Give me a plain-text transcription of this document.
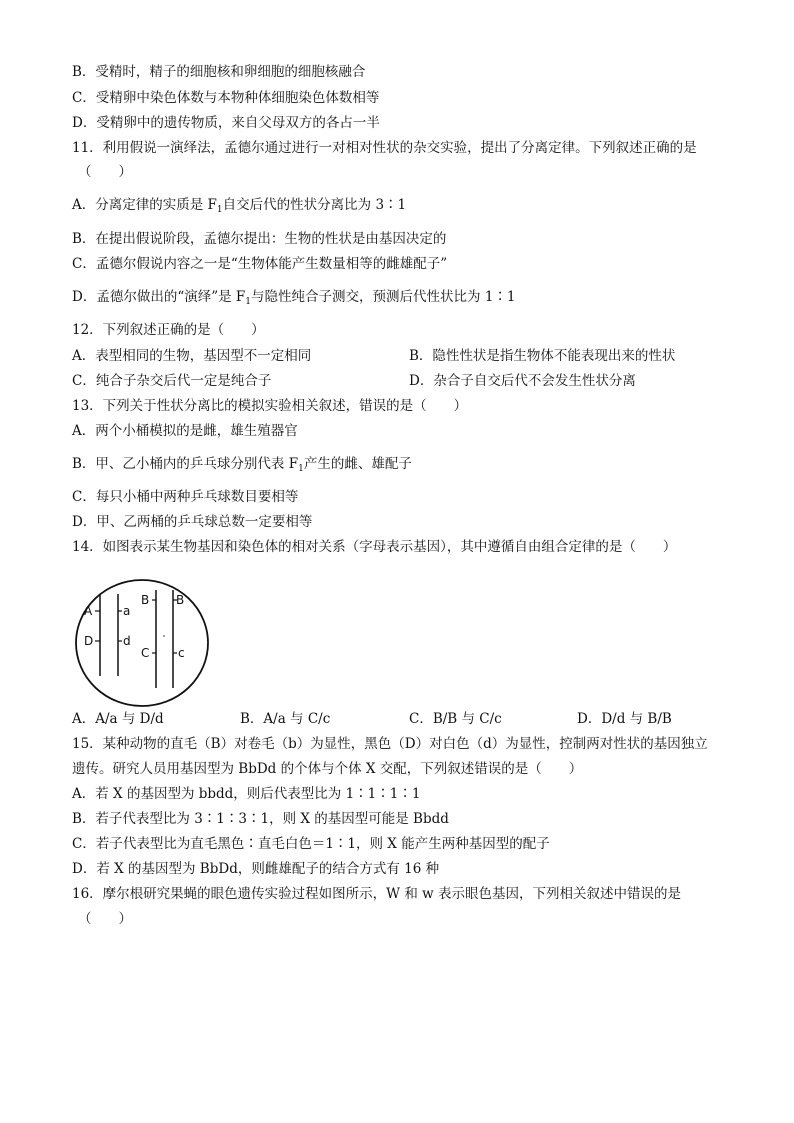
B．受精时，精子的细胞核和卵细胞的细胞核融合
C．受精卵中染色体数与本物种体细胞染色体数相等
D．受精卵中的遗传物质，来自父母双方的各占一半
11．利用假说一演绎法，孟德尔通过进行一对相对性状的杂交实验，提出了分离定律。下列叙述正确的是
（　　）
A．分离定律的实质是 $F_1$自交后代的性状分离比为 3∶1
B．在提出假说阶段，孟德尔提出：生物的性状是由基因决定的
C．孟德尔假说内容之一是“生物体能产生数量相等的雌雄配子”
D．孟德尔做出的“演绎”是 $F_1$与隐性纯合子测交，预测后代性状比为 1∶1
12．下列叙述正确的是（　　）
A．表型相同的生物，基因型不一定相同	B．隐性性状是指生物体不能表现出来的性状
C．纯合子杂交后代一定是纯合子	D．杂合子自交后代不会发生性状分离
13．下列关于性状分离比的模拟实验相关叙述，错误的是（　　）
A．两个小桶模拟的是雌，雄生殖器官
B．甲、乙小桶内的乒乓球分别代表 $F_1$产生的雌、雄配子
C．每只小桶中两种乒乓球数目要相等
D．甲、乙两桶的乒乓球总数一定要相等
14．如图表示某生物基因和染色体的相对关系（字母表示基因），其中遵循自由组合定律的是（　　）
A	a
D d
B B
C c
A．A/a 与 D/d	B．A/a 与 C/c	C．B/B 与 C/c	D．D/d 与 B/B
15．某种动物的直毛（B）对卷毛（b）为显性，黑色（D）对白色（d）为显性，控制两对性状的基因独立
遗传。研究人员用基因型为 BbDd 的个体与个体 X 交配，下列叙述错误的是（　　）
A．若 X 的基因型为 bbdd，则后代表型比为 1∶1∶1∶1
B．若子代表型比为 3∶1∶3∶1，则 X 的基因型可能是 Bbdd
C．若子代表型比为直毛黑色∶直毛白色＝1∶1，则 X 能产生两种基因型的配子
D．若 X 的基因型为 BbDd，则雌雄配子的结合方式有 16 种
16．摩尔根研究果蝇的眼色遗传实验过程如图所示，W 和 w 表示眼色基因，下列相关叙述中错误的是
（　　）
